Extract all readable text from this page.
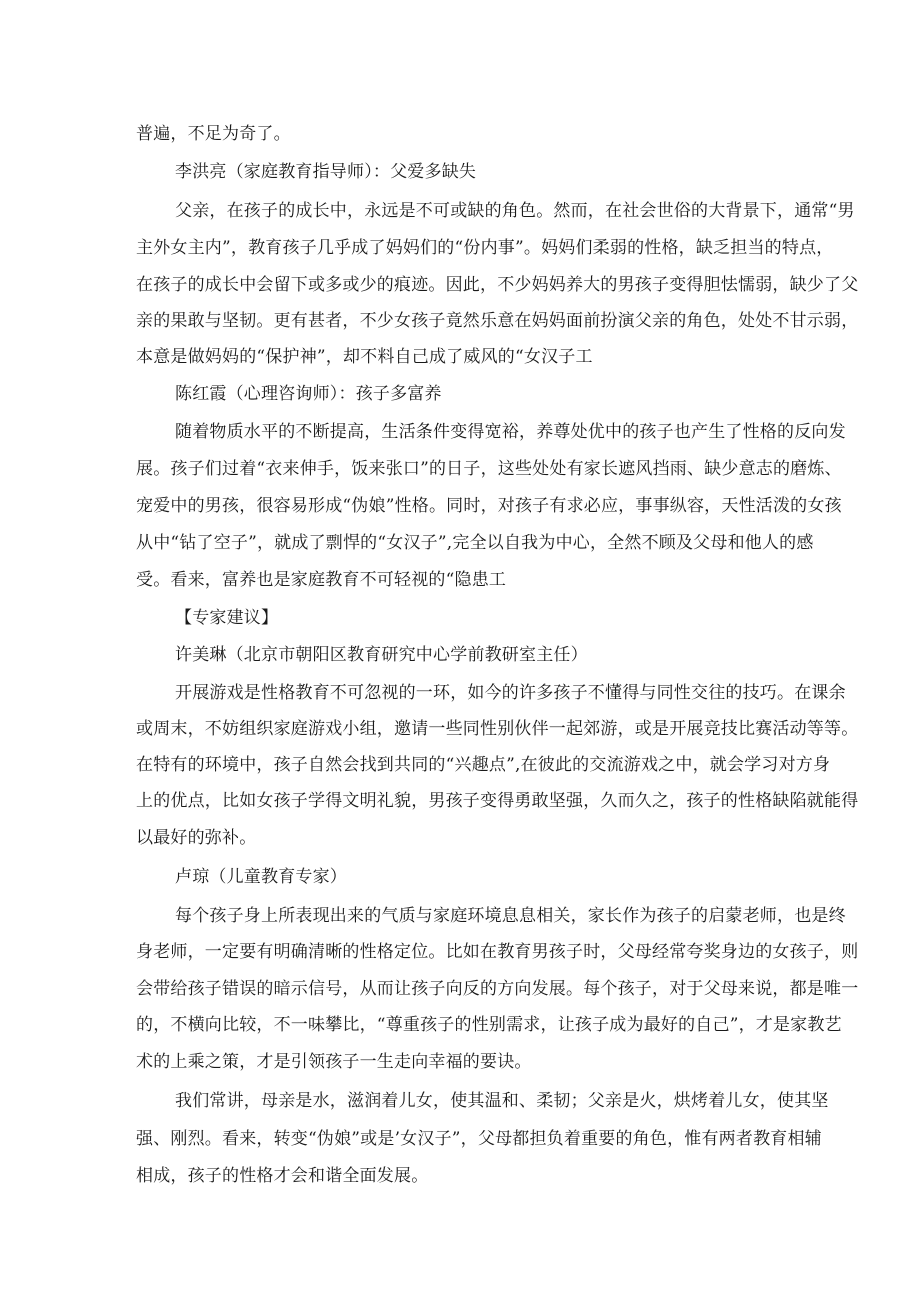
普遍，不足为奇了。

李洪亮（家庭教育指导师）：父爱多缺失

父亲，在孩子的成长中，永远是不可或缺的角色。然而，在社会世俗的大背景下，通常“男

主外女主内”，教育孩子几乎成了妈妈们的“份内事”。妈妈们柔弱的性格，缺乏担当的特点，

在孩子的成长中会留下或多或少的痕迹。因此，不少妈妈养大的男孩子变得胆怯懦弱，缺少了父

亲的果敢与坚韧。更有甚者，不少女孩子竟然乐意在妈妈面前扮演父亲的角色，处处不甘示弱，

本意是做妈妈的“保护神”，却不料自己成了威风的“女汉子工

陈红霞（心理咨询师）：孩子多富养

随着物质水平的不断提高，生活条件变得宽裕，养尊处优中的孩子也产生了性格的反向发

展。孩子们过着“衣来伸手，饭来张口”的日子，这些处处有家长遮风挡雨、缺少意志的磨炼、

宠爱中的男孩，很容易形成“伪娘”性格。同时，对孩子有求必应，事事纵容，天性活泼的女孩

从中“钻了空子”，就成了剽悍的“女汉子”,完全以自我为中心，全然不顾及父母和他人的感

受。看来，富养也是家庭教育不可轻视的“隐患工

【专家建议】

许美琳（北京市朝阳区教育研究中心学前教研室主任）

开展游戏是性格教育不可忽视的一环，如今的许多孩子不懂得与同性交往的技巧。在课余

或周末，不妨组织家庭游戏小组，邀请一些同性别伙伴一起郊游，或是开展竞技比赛活动等等。

在特有的环境中，孩子自然会找到共同的“兴趣点”,在彼此的交流游戏之中，就会学习对方身

上的优点，比如女孩子学得文明礼貌，男孩子变得勇敢坚强，久而久之，孩子的性格缺陷就能得

以最好的弥补。

卢琼（儿童教育专家）

每个孩子身上所表现出来的气质与家庭环境息息相关，家长作为孩子的启蒙老师，也是终

身老师，一定要有明确清晰的性格定位。比如在教育男孩子时，父母经常夸奖身边的女孩子，则

会带给孩子错误的暗示信号，从而让孩子向反的方向发展。每个孩子，对于父母来说，都是唯一

的，不横向比较，不一味攀比，“尊重孩子的性别需求，让孩子成为最好的自己”，才是家教艺

术的上乘之策，才是引领孩子一生走向幸福的要诀。

我们常讲，母亲是水，滋润着儿女，使其温和、柔韧；父亲是火，烘烤着儿女，使其坚

强、刚烈。看来，转变“伪娘”或是’女汉子”，父母都担负着重要的角色，惟有两者教育相辅

相成，孩子的性格才会和谐全面发展。
